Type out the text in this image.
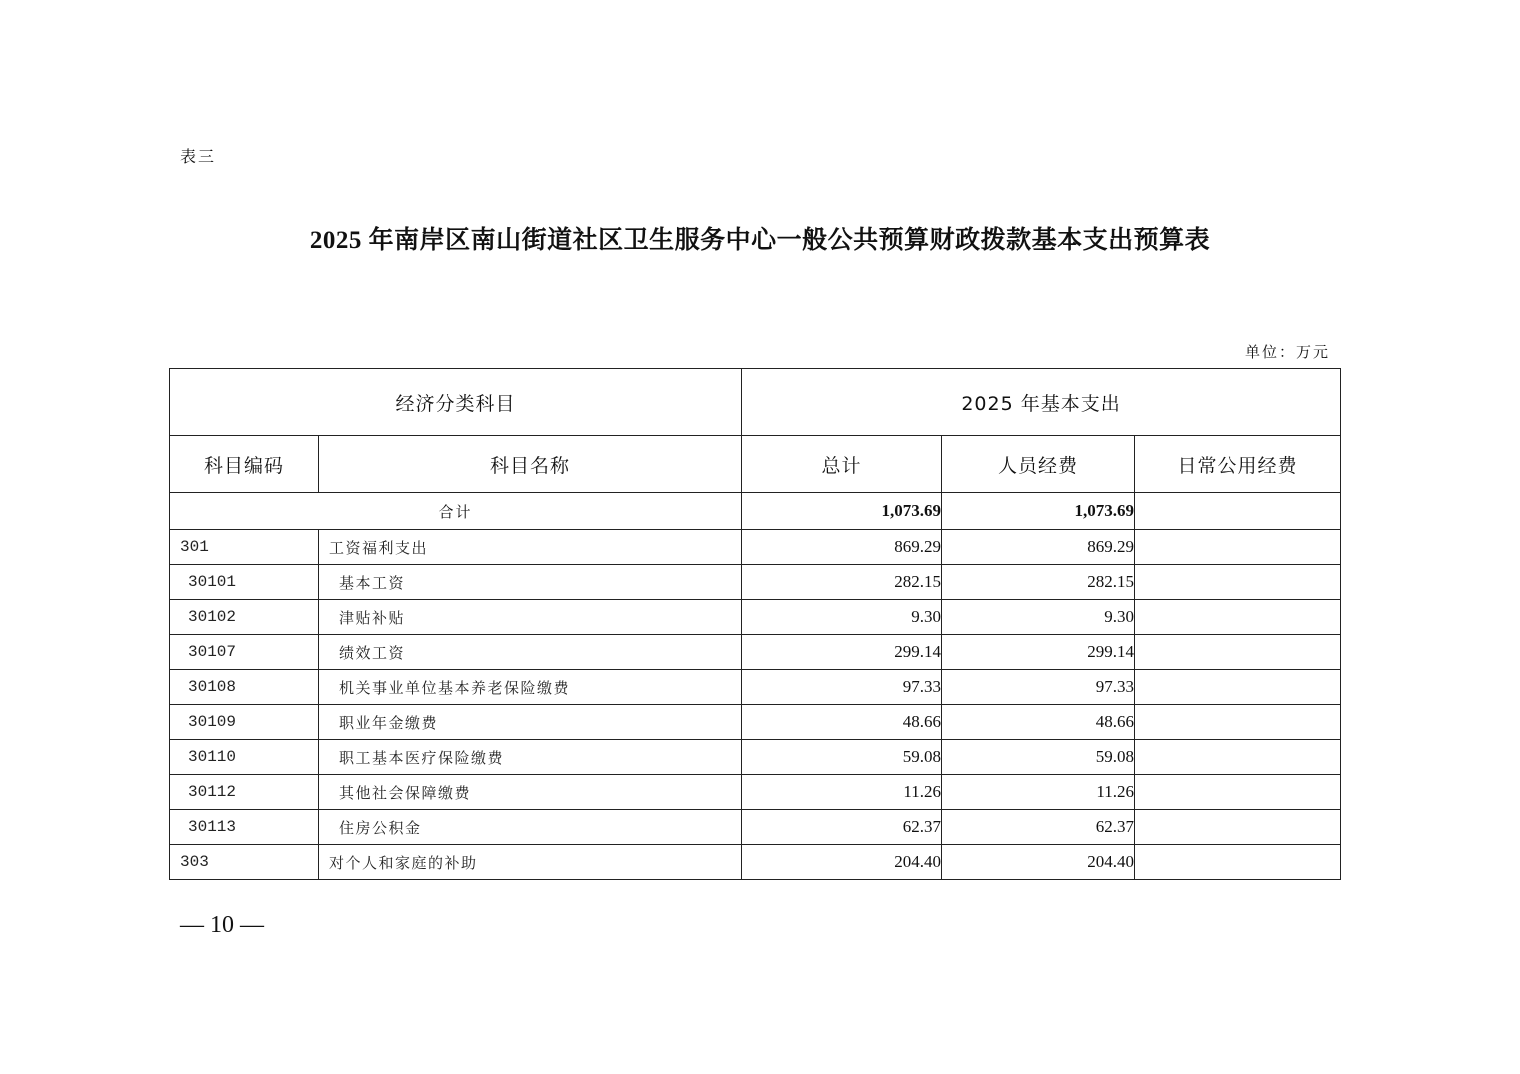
表三
2025 年南岸区南山街道社区卫生服务中心一般公共预算财政拨款基本支出预算表
单位：万元
经济分类科目		2025 年基本支出		
科目编码	科目名称	总计	人员经费	日常公用经费
合计		1,073.69	1,073.69	
301	工资福利支出	869.29	869.29	
30101	基本工资	282.15	282.15	
30102	津贴补贴	9.30	9.30	
30107	绩效工资	299.14	299.14	
30108	机关事业单位基本养老保险缴费	97.33	97.33	
30109	职业年金缴费	48.66	48.66	
30110	职工基本医疗保险缴费	59.08	59.08	
30112	其他社会保障缴费	11.26	11.26	
30113	住房公积金	62.37	62.37	
303	对个人和家庭的补助	204.40	204.40	
— 10 —
